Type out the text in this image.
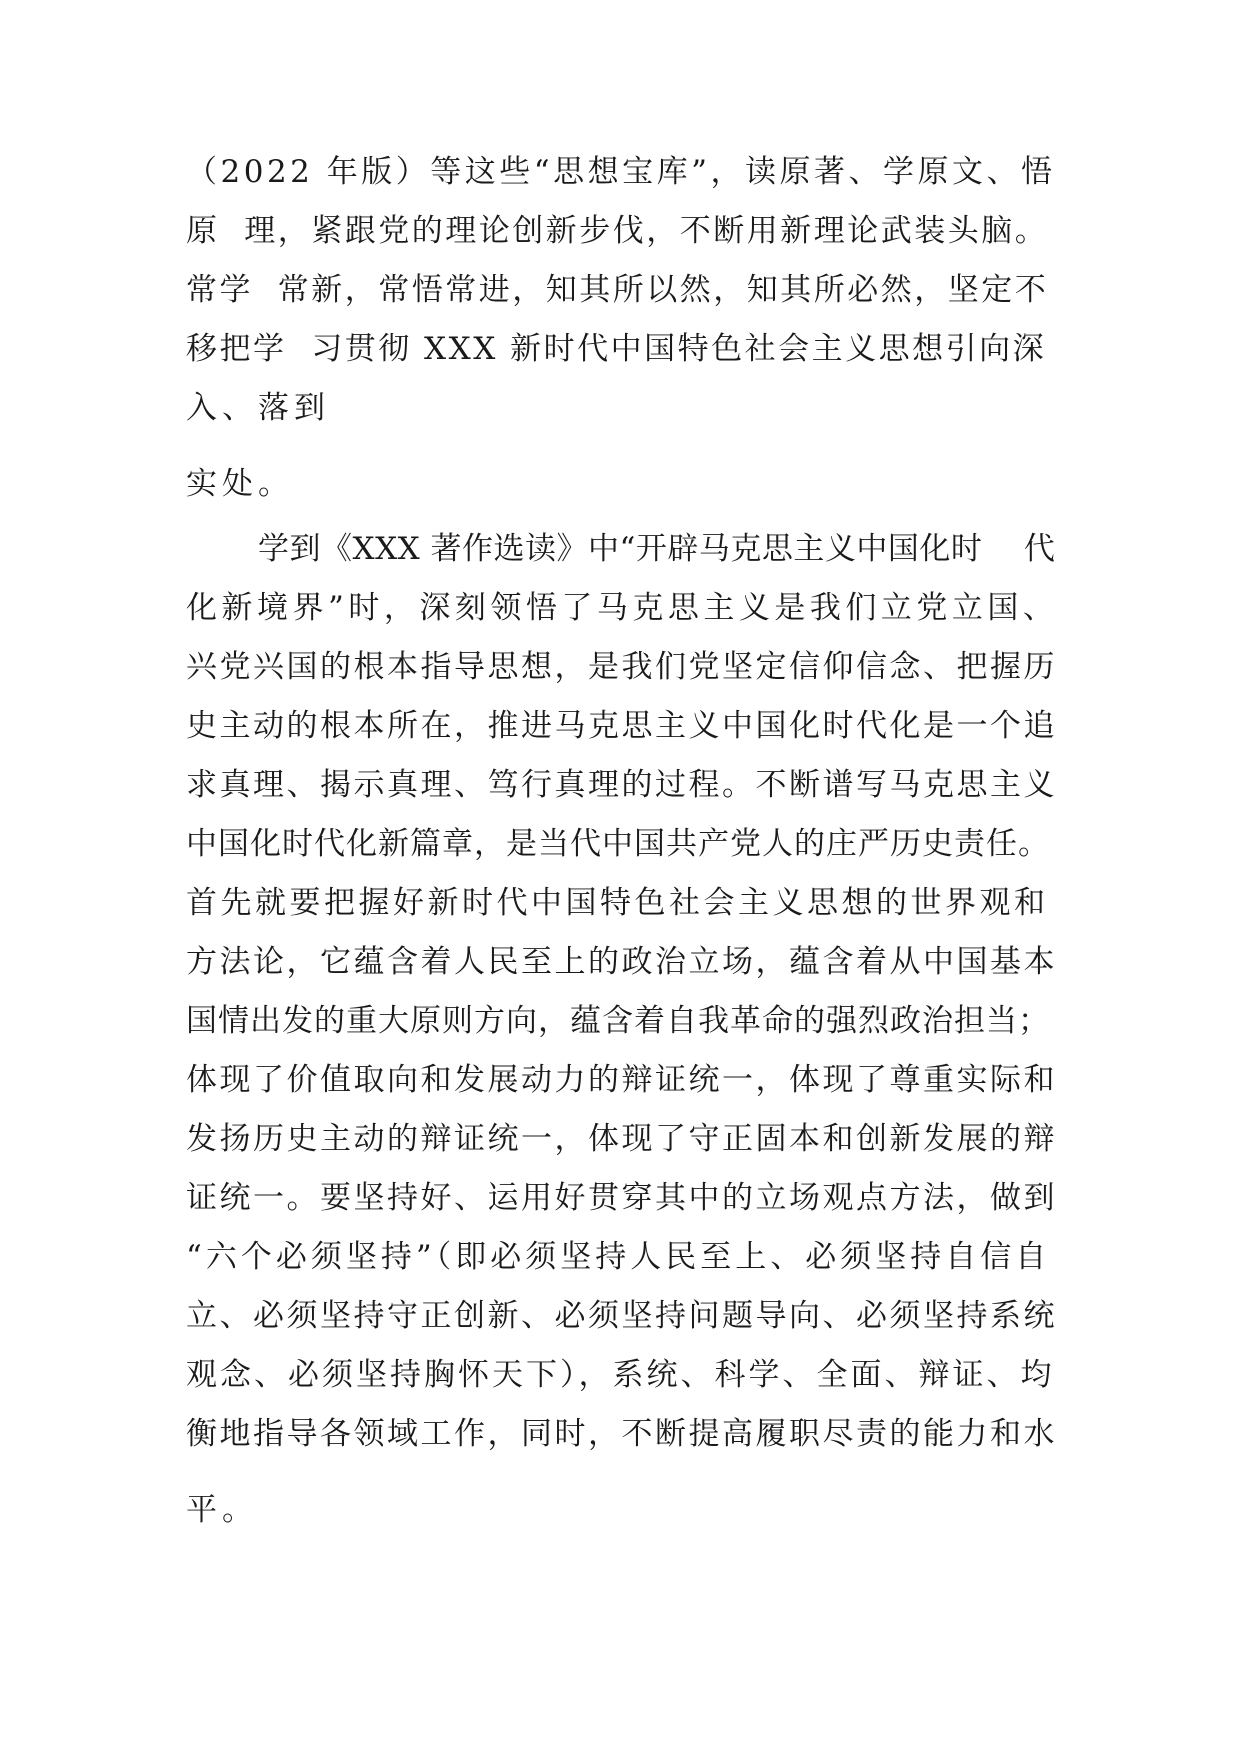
（2022 年版）等这些“思想宝库”，读原著、学原文、悟
原  理，紧跟党的理论创新步伐，不断用新理论武装头脑。
常学  常新，常悟常进，知其所以然，知其所必然，坚定不
移把学  习贯彻 XXX 新时代中国特色社会主义思想引向深
入、落到
实处。
学到《XXX 著作选读》中“开辟马克思主义中国化时    代
化新境界”时，深刻领悟了马克思主义是我们立党立国、
兴党兴国的根本指导思想，是我们党坚定信仰信念、把握历
史主动的根本所在，推进马克思主义中国化时代化是一个追
求真理、揭示真理、笃行真理的过程。不断谱写马克思主义
中国化时代化新篇章，是当代中国共产党人的庄严历史责任。
首先就要把握好新时代中国特色社会主义思想的世界观和
方法论，它蕴含着人民至上的政治立场，蕴含着从中国基本
国情出发的重大原则方向，蕴含着自我革命的强烈政治担当；
体现了价值取向和发展动力的辩证统一，体现了尊重实际和
发扬历史主动的辩证统一，体现了守正固本和创新发展的辩
证统一。要坚持好、运用好贯穿其中的立场观点方法，做到
“六个必须坚持”（即必须坚持人民至上、必须坚持自信自
立、必须坚持守正创新、必须坚持问题导向、必须坚持系统
观念、必须坚持胸怀天下），系统、科学、全面、辩证、均
衡地指导各领域工作，同时，不断提高履职尽责的能力和水
平。
